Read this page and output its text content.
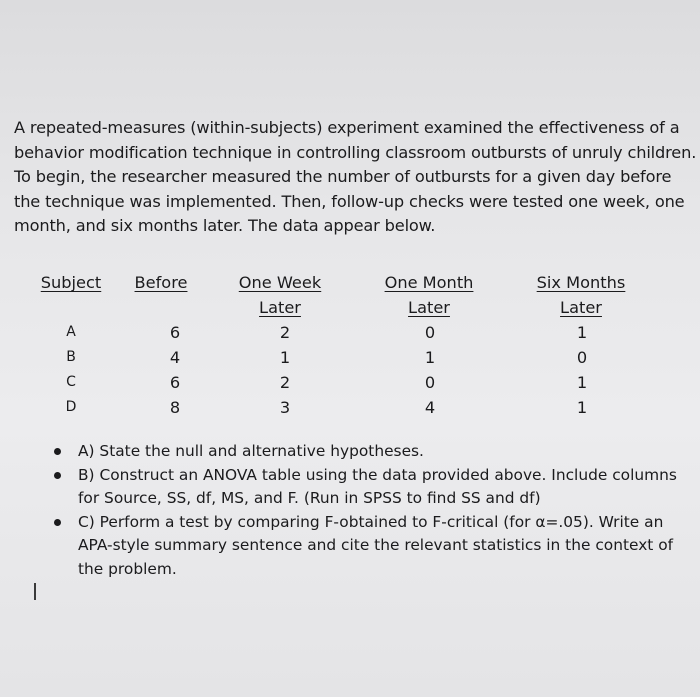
A repeated-measures (within-subjects) experiment examined the effectiveness of a behavior modification technique in controlling classroom outbursts of unruly children. To begin, the researcher measured the number of outbursts for a given day before the technique was implemented. Then, follow-up checks were tested one week, one month, and six months later. The data appear below.

Subject
A
B
C
D
Before
6
4
6
8
One Week
Later
2
1
2
3
One Month
Later
0
1
0
4
Six Months
Later
1
0
1
1
A) State the null and alternative hypotheses.
B) Construct an ANOVA table using the data provided above. Include columns for Source, SS, df, MS, and F. (Run in SPSS to find SS and df)
C) Perform a test by comparing F-obtained to F-critical (for α=.05). Write an APA-style summary sentence and cite the relevant statistics in the context of the problem.
